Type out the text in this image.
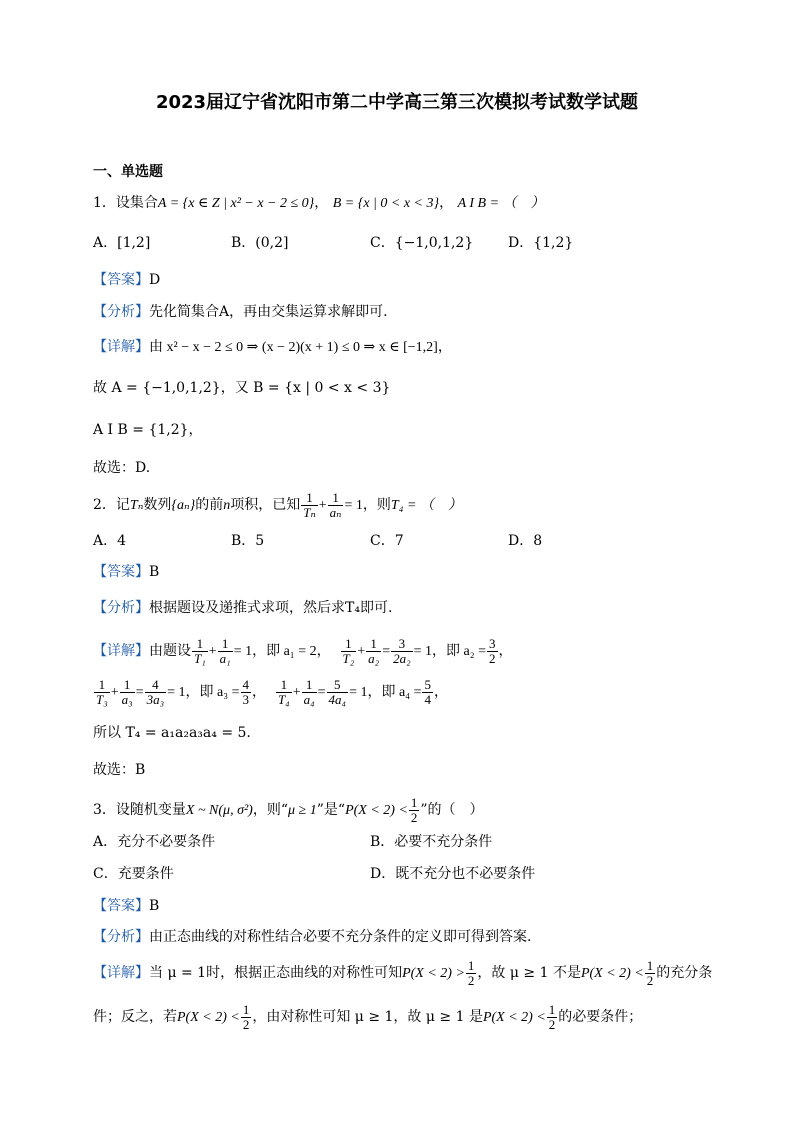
2023届辽宁省沈阳市第二中学高三第三次模拟考试数学试题
一、单选题
1．设集合A = {x ∈ Z | x² − x − 2 ≤ 0}， B = {x | 0 < x < 3}， A I B = （　）
A．[1,2]	B．(0,2]	C．{−1,0,1,2} D．{1,2}
【答案】D
【分析】先化简集合A，再由交集运算求解即可.
【详解】由 x² − x − 2 ≤ 0 ⇒ (x − 2)(x + 1) ≤ 0 ⇒ x ∈ [−1,2]，
故 A = {−1,0,1,2}，又 B = {x | 0 < x < 3}
A I B = {1,2}，
故选：D.
2．记Tₙ数列{aₙ}的前n项积，已知 $\frac{1}{\text{Tₙ}} + \frac{1}{\text{aₙ}} = 1$，则T₄ = （　）
A．4	B．5	C．7	D．8
【答案】B
【分析】根据题设及递推式求项，然后求T₄即可.
【详解】由题设 $\frac{1}{\text{T₁}} + \frac{1}{\text{a₁}} = 1$，即 a₁ = 2， $\frac{1}{\text{T₂}} + \frac{1}{\text{a₂}} = \frac{3}{\text{2a₂}} = 1$，即 $a_2 = \frac{3}{2}$ ，
$\frac{1}{\text{T₃}} + \frac{1}{\text{a₃}} = \frac{4}{\text{3a₃}} = 1$，即 $a_3 = \frac{4}{3}$ ， $\frac{1}{\text{T₄}} + \frac{1}{\text{a₄}} = \frac{5}{\text{4a₄}} = 1$，即 $a_4 = \frac{5}{4}$ ，
所以 T₄ = a₁a₂a₃a₄ = 5.
故选：B
3．设随机变量X ~ N(μ, σ²)，则“μ ≥ 1”是“$P(X < 2) < \frac{1}{2}$ ”的（　）
A．充分不必要条件	B．必要不充分条件
C．充要条件	D．既不充分也不必要条件
【答案】B
【分析】由正态曲线的对称性结合必要不充分条件的定义即可得到答案.
【详解】当 μ = 1时，根据正态曲线的对称性可知$P(X < 2) > \frac{1}{2}$ ，故 μ ≥ 1 不是$P(X < 2) < \frac{1}{2}$ 的充分条
件；反之，若$P(X < 2) < \frac{1}{2}$ ，由对称性可知 μ ≥ 1，故 μ ≥ 1 是$P(X < 2) < \frac{1}{2}$ 的必要条件；
